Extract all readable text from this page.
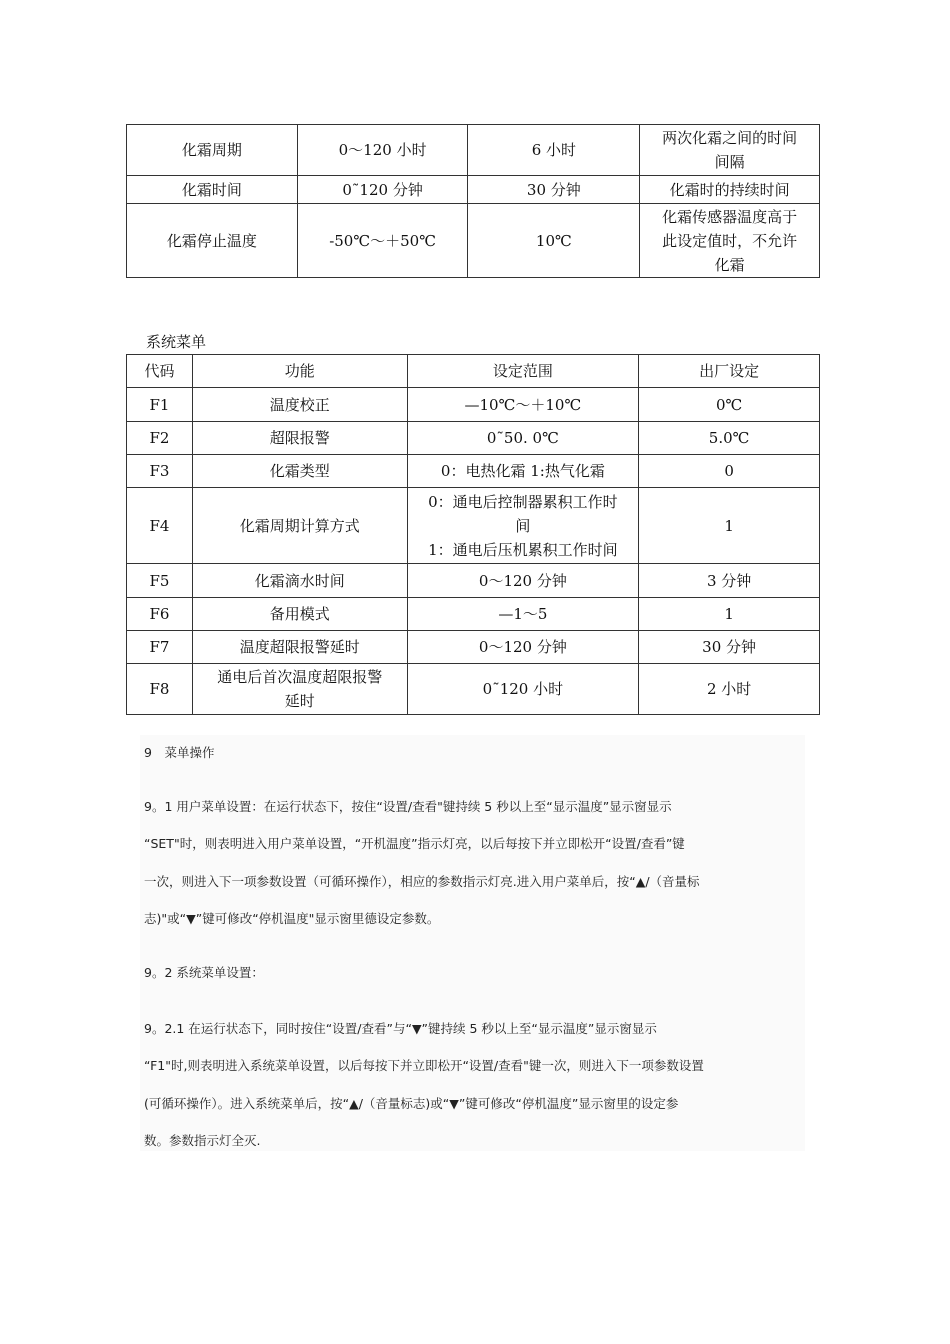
化霜周期	0～120 小时	6 小时	两次化霜之间的时间
间隔

化霜时间	0˜120 分钟	30 分钟	化霜时的持续时间

化霜停止温度	-50℃～＋50℃	10℃	化霜传感器温度高于
此设定值时，不允许
化霜
系统菜单
代码	功能	设定范围	出厂设定
F1	温度校正	—10℃～＋10℃	0℃
F2	超限报警	0˜50. 0℃	5.0℃
F3	化霜类型	0：电热化霜 1:热气化霜	0
F4	化霜周期计算方式	0：通电后控制器累积工作时
间
1：通电后压机累积工作时间	1
F5	化霜滴水时间	0～120 分钟	3 分钟
F6	备用模式	—1～5	1
F7	温度超限报警延时	0～120 分钟	30 分钟
F8	通电后首次温度超限报警
延时	0˜120 小时	2 小时
9　菜单操作
9。1 用户菜单设置：在运行状态下，按住“设置/查看"键持续 5 秒以上至“显示温度”显示窗显示
“SET"时，则表明进入用户菜单设置，“开机温度”指示灯亮，以后每按下并立即松开“设置/查看”键
一次，则进入下一项参数设置（可循环操作），相应的参数指示灯亮.进入用户菜单后，按“▲/（音量标
志)"或“▼”键可修改“停机温度"显示窗里德设定参数。
9。2 系统菜单设置：
9。2.1 在运行状态下，同时按住“设置/查看”与“▼”键持续 5 秒以上至“显示温度”显示窗显示
“F1"时,则表明进入系统菜单设置，以后每按下并立即松开“设置/查看"键一次，则进入下一项参数设置
(可循环操作）。进入系统菜单后，按“▲/（音量标志)或“▼”键可修改“停机温度”显示窗里的设定参
数。参数指示灯全灭.
